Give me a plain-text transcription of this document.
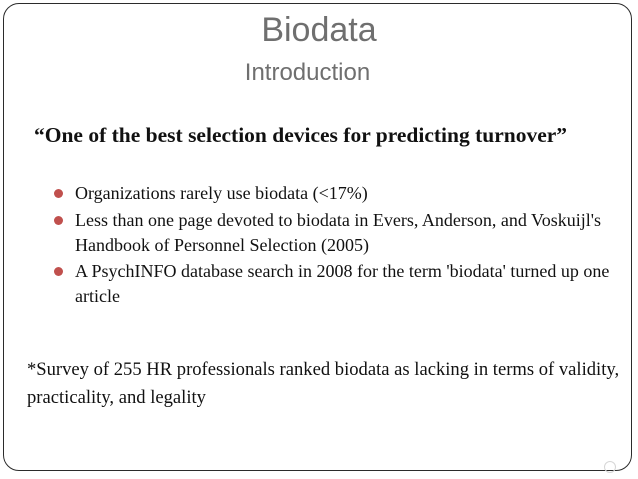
Biodata
Introduction
“One of the best selection devices for predicting turnover”
Organizations rarely use biodata (<17%)
Less than one page devoted to biodata in Evers, Anderson, and Voskuijl's Handbook of Personnel Selection (2005)
A PsychINFO database search in 2008 for the term 'biodata' turned up one article
*Survey of 255 HR professionals ranked biodata as lacking in terms of validity, practicality, and legality
